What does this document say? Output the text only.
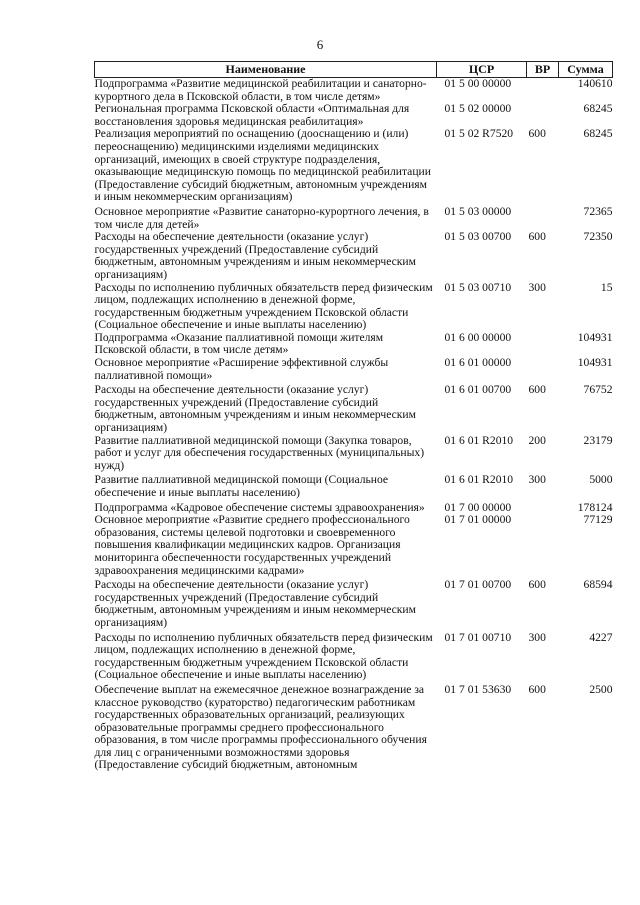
6
Наименование	ЦСР	ВР	Сумма
Подпрограмма «Развитие медицинской реабилитации и санаторно-курортного дела в Псковской области, в том числе детям»	01 5 00 00000		140610
Региональная программа Псковской области «Оптимальная для восстановления здоровья медицинская реабилитация»	01 5 02 00000		68245
Реализация мероприятий по оснащению (дооснащению и (или) переоснащению) медицинскими изделиями медицинских организаций, имеющих в своей структуре подразделения, оказывающие медицинскую помощь по медицинской реабилитации (Предоставление субсидий бюджетным, автономным учреждениям и иным некоммерческим организациям)	01 5 02 R7520	600	68245
Основное мероприятие «Развитие санаторно-курортного лечения, в том числе для детей»	01 5 03 00000		72365
Расходы на обеспечение деятельности (оказание услуг) государственных учреждений (Предоставление субсидий бюджетным, автономным учреждениям и иным некоммерческим организациям)	01 5 03 00700	600	72350
Расходы по исполнению публичных обязательств перед физическим лицом, подлежащих исполнению в денежной форме, государственным бюджетным учреждением Псковской области (Социальное обеспечение и иные выплаты населению)	01 5 03 00710	300	15
Подпрограмма «Оказание паллиативной помощи жителям Псковской области, в том числе детям»	01 6 00 00000		104931
Основное мероприятие «Расширение эффективной службы паллиативной помощи»	01 6 01 00000		104931
Расходы на обеспечение деятельности (оказание услуг) государственных учреждений (Предоставление субсидий бюджетным, автономным учреждениям и иным некоммерческим организациям)	01 6 01 00700	600	76752
Развитие паллиативной медицинской помощи (Закупка товаров, работ и услуг для обеспечения государственных (муниципальных) нужд)	01 6 01 R2010	200	23179
Развитие паллиативной медицинской помощи (Социальное обеспечение и иные выплаты населению)	01 6 01 R2010	300	5000
Подпрограмма «Кадровое обеспечение системы здравоохранения»	01 7 00 00000		178124
Основное мероприятие «Развитие среднего профессионального образования, системы целевой подготовки и своевременного повышения квалификации медицинских кадров. Организация мониторинга обеспеченности государственных учреждений здравоохранения медицинскими кадрами»	01 7 01 00000		77129
Расходы на обеспечение деятельности (оказание услуг) государственных учреждений (Предоставление субсидий бюджетным, автономным учреждениям и иным некоммерческим организациям)	01 7 01 00700	600	68594
Расходы по исполнению публичных обязательств перед физическим лицом, подлежащих исполнению в денежной форме, государственным бюджетным учреждением Псковской области (Социальное обеспечение и иные выплаты населению)	01 7 01 00710	300	4227
Обеспечение выплат на ежемесячное денежное вознаграждение за классное руководство (кураторство) педагогическим работникам государственных образовательных организаций, реализующих образовательные программы среднего профессионального образования, в том числе программы профессионального обучения для лиц с ограниченными возможностями здоровья (Предоставление субсидий бюджетным, автономным	01 7 01 53630	600	2500
